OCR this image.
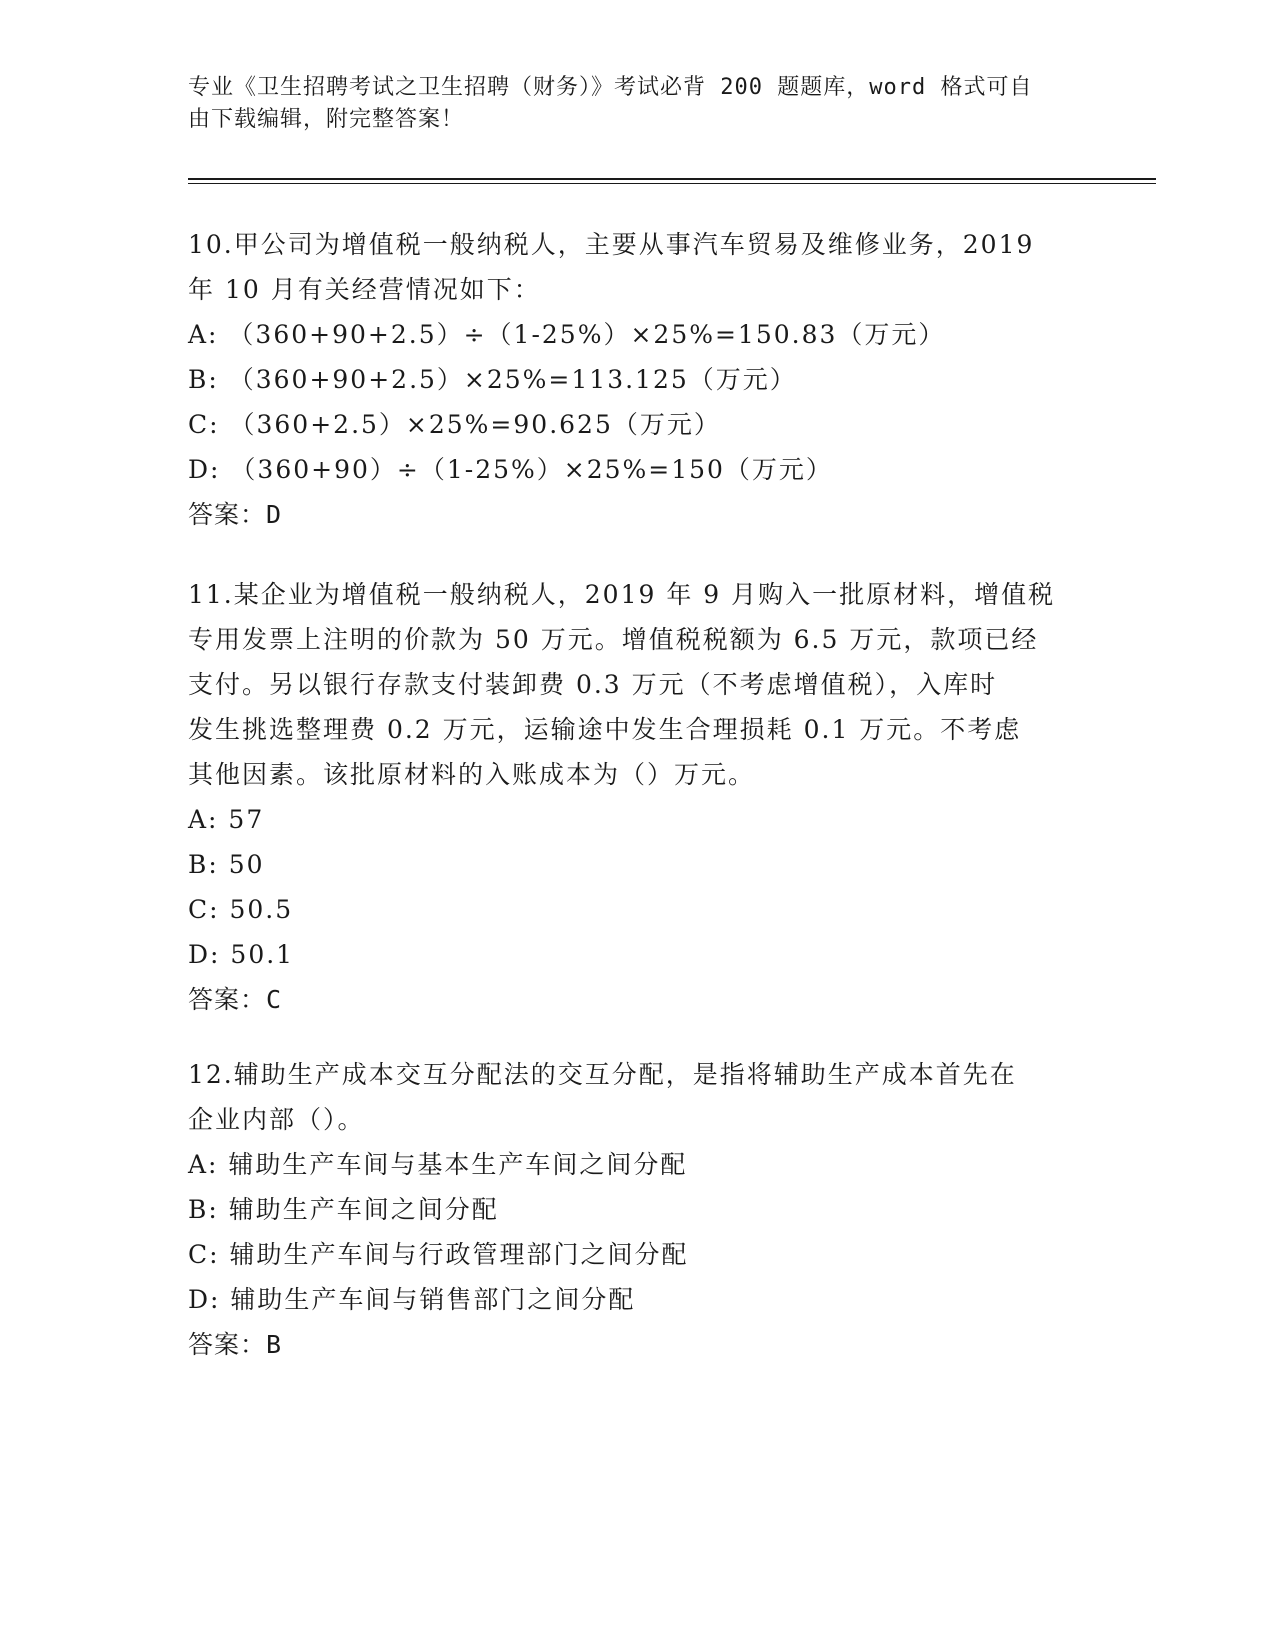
专业《卫生招聘考试之卫生招聘（财务）》考试必背 200 题题库，word 格式可自
由下载编辑，附完整答案！

10.甲公司为增值税一般纳税人，主要从事汽车贸易及维修业务，2019

年 10 月有关经营情况如下：

A: （360+90+2.5）÷（1-25%）×25%=150.83（万元）

B: （360+90+2.5）×25%=113.125（万元）

C: （360+2.5）×25%=90.625（万元）

D: （360+90）÷（1-25%）×25%=150（万元）

答案：D

11.某企业为增值税一般纳税人，2019 年 9 月购入一批原材料，增值税

专用发票上注明的价款为 50 万元。增值税税额为 6.5 万元，款项已经

支付。另以银行存款支付装卸费 0.3 万元（不考虑增值税），入库时

发生挑选整理费 0.2 万元，运输途中发生合理损耗 0.1 万元。不考虑

其他因素。该批原材料的入账成本为（）万元。

A: 57

B: 50

C: 50.5

D: 50.1

答案：C

12.辅助生产成本交互分配法的交互分配，是指将辅助生产成本首先在

企业内部（）。

A: 辅助生产车间与基本生产车间之间分配

B: 辅助生产车间之间分配

C: 辅助生产车间与行政管理部门之间分配

D: 辅助生产车间与销售部门之间分配

答案：B
